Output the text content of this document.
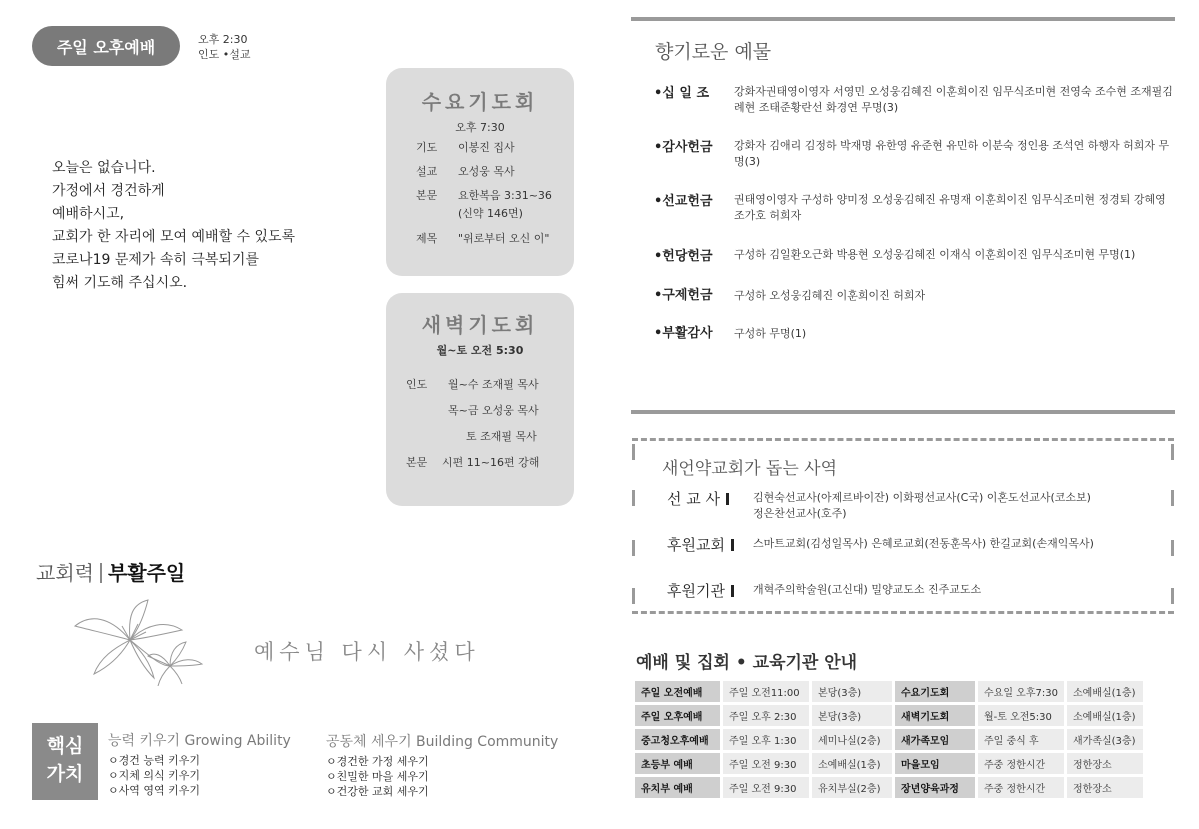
주일 오후예배	오후 2:30
인도 •설교
오늘은 없습니다.
가정에서 경건하게
예배하시고,
교회가 한 자리에 모여 예배할 수 있도록
코로나19 문제가 속히 극복되기를
힘써 기도해 주십시오.
수요기도회
오후 7:30
기도 이봉진 집사
설교 오성웅 목사
본문 요한복음 3:31~36
(신약 146면)
제목 "위로부터 오신 이"
새벽기도회
월~토 오전 5:30
인도 월~수 조재필 목사
목~금 오성웅 목사
토 조재필 목사
본문 시편 11~16편 강해
교회력 부활주일
예수님 다시 사셨다
핵심
가치
능력 키우기 Growing Ability
ㅇ경건 능력 키우기
ㅇ지체 의식 키우기
ㅇ사역 영역 키우기
공동체 세우기 Building Community
ㅇ경건한 가정 세우기
ㅇ친밀한 마을 세우기
ㅇ건강한 교회 세우기
향기로운 예물
•십 일 조 강화자권태영이영자 서영민 오성웅김혜진 이훈희이진 임무식조미현 전영숙 조수현 조재필김례현 조태준황란선 화경연 무명(3)
•감사헌금 강화자 김애리 김정하 박재명 유한영 유준현 유민하 이분숙 정인용 조석연 하행자 허희자 무명(3)
•선교헌금 권태영이영자 구성하 양미정 오성웅김혜진 유명재 이훈희이진 임무식조미현 정경퇴 강혜영 조가호 허희자
•헌당헌금 구성하 김일환오근화 박용현 오성웅김혜진 이재식 이훈희이진 임무식조미현 무명(1)
•구제헌금 구성하 오성웅김혜진 이훈희이진 허희자
•부활감사 구성하 무명(1)
새언약교회가 돕는 사역
선 교 사	김현숙선교사(아제르바이잔) 이화평선교사(C국) 이혼도선교사(코소보)
정은찬선교사(호주)
후원교회	스마트교회(김성일목사) 은혜로교회(전동훈목사) 한길교회(손재익목사)
후원기관	개혁주의학술원(고신대) 밀양교도소 진주교도소
예배 및 집회 • 교육기관 안내
주일 오전예배	주일 오전11:00	본당(3층)	수요기도회	수요일 오후7:30	소예배실(1층)
주일 오후예배	주일 오후 2:30	본당(3층)	새벽기도회	월-토 오전5:30	소예배실(1층)
중고청오후예배	주일 오후 1:30	세미나실(2층)	새가족모임	주일 중식 후	새가족실(3층)
초등부 예배	주일 오전 9:30	소예배실(1층)	마을모임	주중 정한시간	정한장소
유치부 예배	주일 오전 9:30	유치부실(2층)	장년양육과정	주중 정한시간	정한장소
